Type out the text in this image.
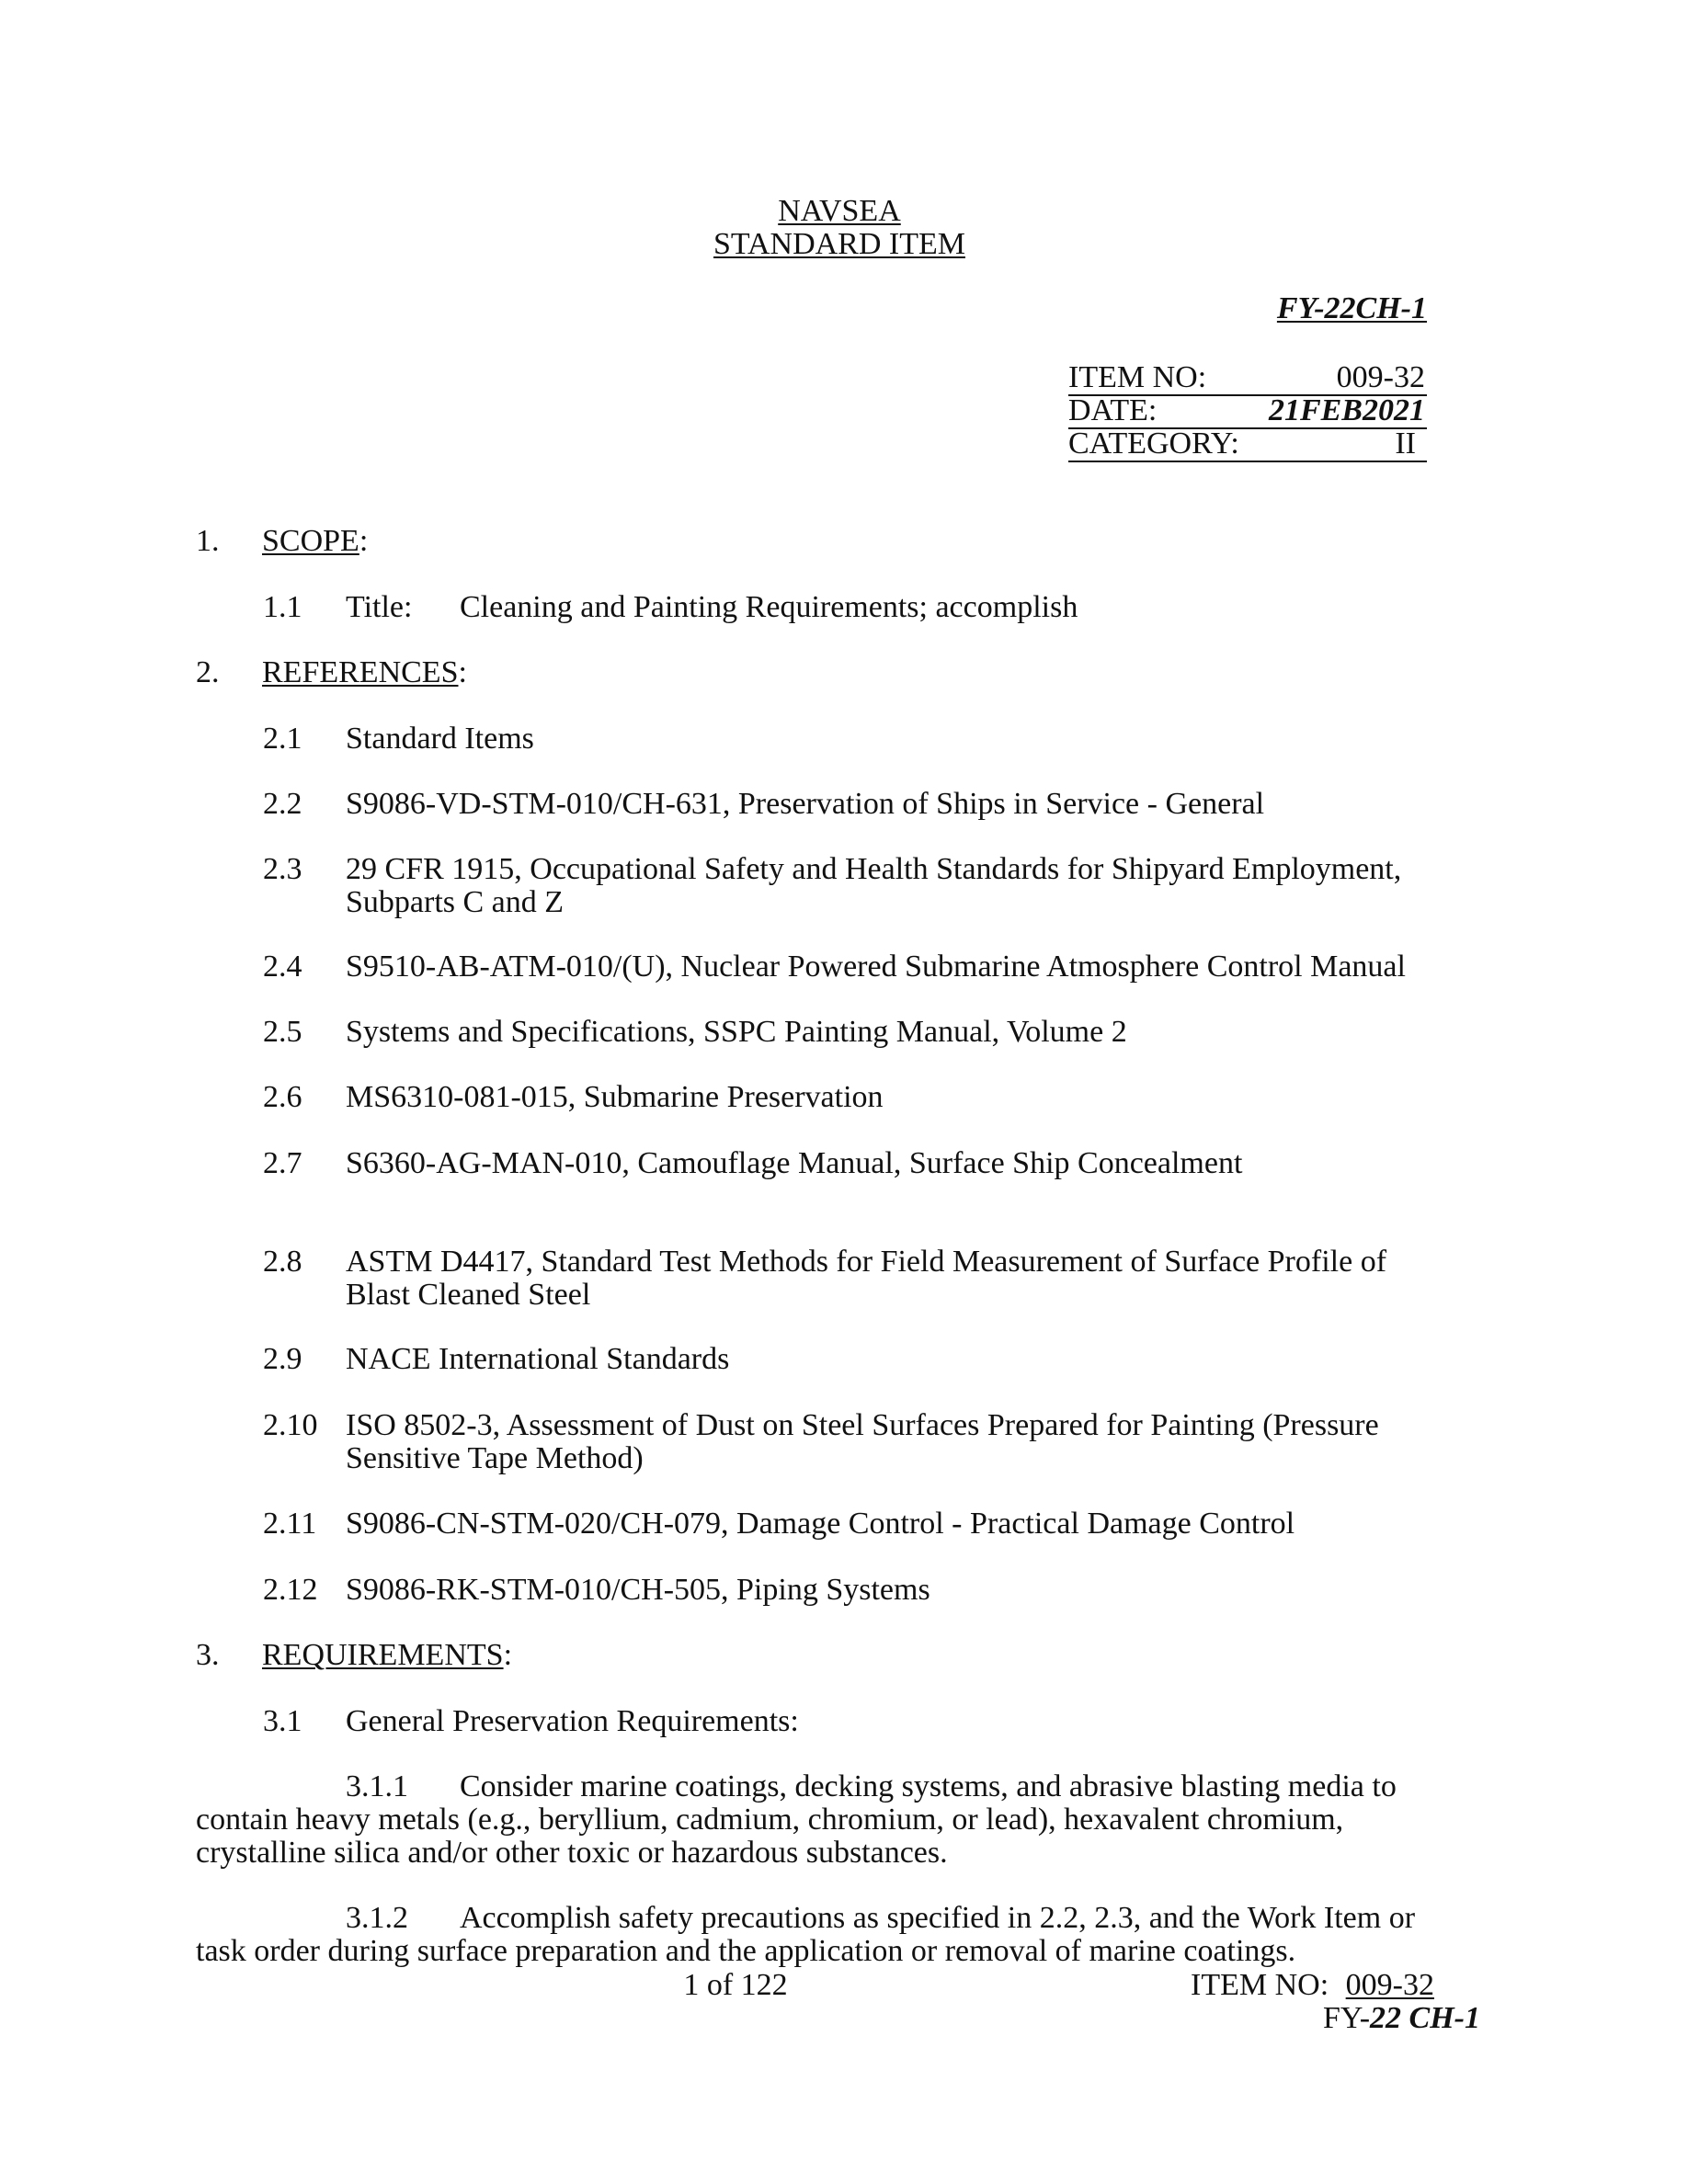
NAVSEA
STANDARD ITEM
FY-22CH-1
ITEM NO:	009-32
DATE:	21FEB2021
CATEGORY:	II
1. SCOPE:
1.1 Title: Cleaning and Painting Requirements; accomplish
2. REFERENCES:
2.1 Standard Items
2.2 S9086-VD-STM-010/CH-631, Preservation of Ships in Service - General
2.3 29 CFR 1915, Occupational Safety and Health Standards for Shipyard Employment,
Subparts C and Z
2.4 S9510-AB-ATM-010/(U), Nuclear Powered Submarine Atmosphere Control Manual
2.5 Systems and Specifications, SSPC Painting Manual, Volume 2
2.6 MS6310-081-015, Submarine Preservation
2.7 S6360-AG-MAN-010, Camouflage Manual, Surface Ship Concealment
2.8 ASTM D4417, Standard Test Methods for Field Measurement of Surface Profile of
Blast Cleaned Steel
2.9 NACE International Standards
2.10 ISO 8502-3, Assessment of Dust on Steel Surfaces Prepared for Painting (Pressure
Sensitive Tape Method)
2.11 S9086-CN-STM-020/CH-079, Damage Control - Practical Damage Control
2.12 S9086-RK-STM-010/CH-505, Piping Systems
3. REQUIREMENTS:
3.1 General Preservation Requirements:
3.1.1 Consider marine coatings, decking systems, and abrasive blasting media to
contain heavy metals (e.g., beryllium, cadmium, chromium, or lead), hexavalent chromium,
crystalline silica and/or other toxic or hazardous substances.
3.1.2 Accomplish safety precautions as specified in 2.2, 2.3, and the Work Item or
task order during surface preparation and the application or removal of marine coatings.
1 of 122	ITEM NO: 009-32
FY-22 CH-1
